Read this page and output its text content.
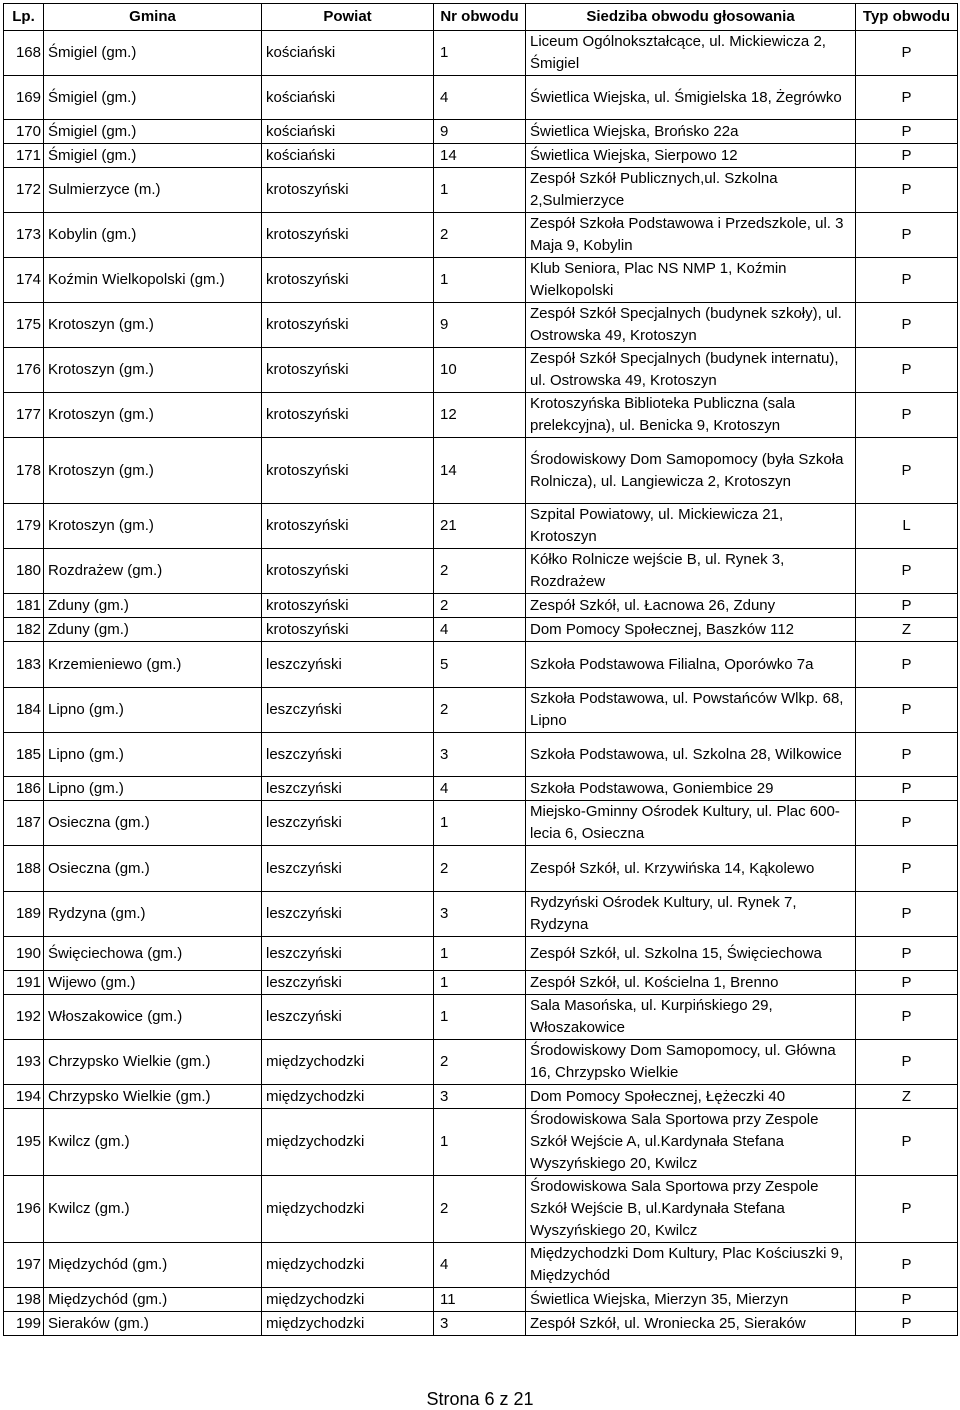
Lp.	Gmina	Powiat	Nr obwodu	Siedziba obwodu głosowania	Typ obwodu
168	Śmigiel (gm.)	kościański	1	Liceum Ogólnokształcące, ul. Mickiewicza 2, Śmigiel	P
169	Śmigiel (gm.)	kościański	4	Świetlica Wiejska, ul. Śmigielska 18, Żegrówko	P
170	Śmigiel (gm.)	kościański	9	Świetlica Wiejska, Brońsko 22a	P
171	Śmigiel (gm.)	kościański	14	Świetlica Wiejska, Sierpowo 12	P
172	Sulmierzyce (m.)	krotoszyński	1	Zespół Szkół Publicznych,ul. Szkolna 2,Sulmierzyce	P
173	Kobylin (gm.)	krotoszyński	2	Zespół Szkoła Podstawowa i Przedszkole, ul. 3 Maja 9, Kobylin	P
174	Koźmin Wielkopolski (gm.)	krotoszyński	1	Klub Seniora, Plac NS NMP 1, Koźmin Wielkopolski	P
175	Krotoszyn (gm.)	krotoszyński	9	Zespół Szkół Specjalnych (budynek szkoły), ul. Ostrowska 49, Krotoszyn	P
176	Krotoszyn (gm.)	krotoszyński	10	Zespół Szkół Specjalnych (budynek internatu), ul. Ostrowska 49, Krotoszyn	P
177	Krotoszyn (gm.)	krotoszyński	12	Krotoszyńska Biblioteka Publiczna (sala prelekcyjna), ul. Benicka 9, Krotoszyn	P
178	Krotoszyn (gm.)	krotoszyński	14	Środowiskowy Dom Samopomocy (była Szkoła Rolnicza), ul. Langiewicza 2, Krotoszyn	P
179	Krotoszyn (gm.)	krotoszyński	21	Szpital Powiatowy, ul. Mickiewicza 21, Krotoszyn	L
180	Rozdrażew (gm.)	krotoszyński	2	Kółko Rolnicze wejście B, ul. Rynek 3, Rozdrażew	P
181	Zduny (gm.)	krotoszyński	2	Zespół Szkół, ul. Łacnowa 26, Zduny	P
182	Zduny (gm.)	krotoszyński	4	Dom Pomocy Społecznej, Baszków 112	Z
183	Krzemieniewo (gm.)	leszczyński	5	Szkoła Podstawowa Filialna, Oporówko 7a	P
184	Lipno (gm.)	leszczyński	2	Szkoła Podstawowa, ul. Powstańców Wlkp. 68, Lipno	P
185	Lipno (gm.)	leszczyński	3	Szkoła Podstawowa, ul. Szkolna 28, Wilkowice	P
186	Lipno (gm.)	leszczyński	4	Szkoła Podstawowa, Goniembice 29	P
187	Osieczna (gm.)	leszczyński	1	Miejsko-Gminny Ośrodek Kultury, ul. Plac 600-lecia 6, Osieczna	P
188	Osieczna (gm.)	leszczyński	2	Zespół Szkół, ul. Krzywińska 14, Kąkolewo	P
189	Rydzyna (gm.)	leszczyński	3	Rydzyński Ośrodek Kultury, ul. Rynek 7, Rydzyna	P
190	Święciechowa (gm.)	leszczyński	1	Zespół Szkół, ul. Szkolna 15, Święciechowa	P
191	Wijewo (gm.)	leszczyński	1	Zespół Szkół, ul. Kościelna 1, Brenno	P
192	Włoszakowice (gm.)	leszczyński	1	Sala Masońska, ul. Kurpińskiego 29, Włoszakowice	P
193	Chrzypsko Wielkie (gm.)	międzychodzki	2	Środowiskowy Dom Samopomocy, ul. Główna 16, Chrzypsko Wielkie	P
194	Chrzypsko Wielkie (gm.)	międzychodzki	3	Dom Pomocy Społecznej, Łężeczki 40	Z
195	Kwilcz (gm.)	międzychodzki	1	Środowiskowa Sala Sportowa przy Zespole Szkół Wejście A, ul.Kardynała Stefana Wyszyńskiego 20, Kwilcz	P
196	Kwilcz (gm.)	międzychodzki	2	Środowiskowa Sala Sportowa przy Zespole Szkół Wejście B, ul.Kardynała Stefana Wyszyńskiego 20, Kwilcz	P
197	Międzychód (gm.)	międzychodzki	4	Międzychodzki Dom Kultury, Plac Kościuszki 9, Międzychód	P
198	Międzychód (gm.)	międzychodzki	11	Świetlica Wiejska, Mierzyn 35, Mierzyn	P
199	Sieraków (gm.)	międzychodzki	3	Zespół Szkół, ul. Wroniecka 25, Sieraków	P
Strona 6 z 21
